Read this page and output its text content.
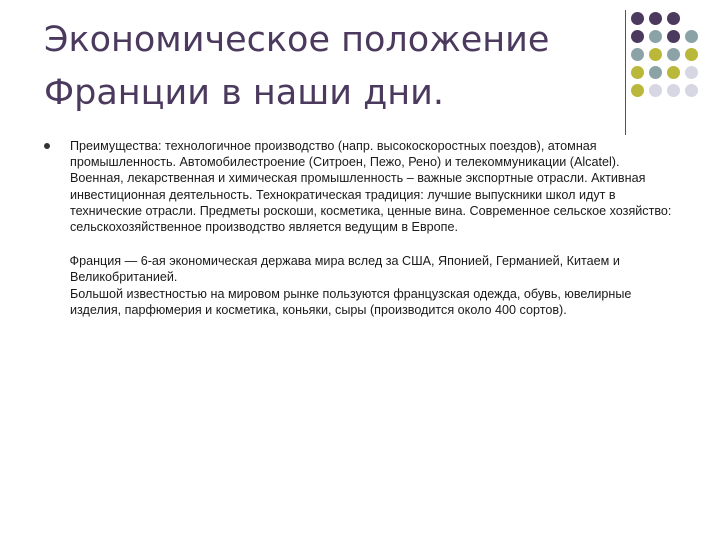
Экономическое положение
Франции в наши дни.

Преимущества: технологичное производство (напр. высокоскоростных поездов), атомная промышленность. Автомобилестроение (Ситроен, Пежо, Рено) и телекоммуникации (Alcatel). Военная, лекарственная и химическая промышленность – важные экспортные отрасли. Активная инвестиционная деятельность. Технократическая традиция: лучшие выпускники школ идут в технические отрасли. Предметы роскоши, косметика, ценные вина. Современное сельское хозяйство: сельскохозяйственное производство является ведущим в Европе.

Франция — 6-ая экономическая держава мира вслед за США, Японией, Германией, Китаем и Великобританией.
Большой известностью на мировом рынке пользуются французская одежда, обувь, ювелирные изделия, парфюмерия и косметика, коньяки, сыры (производится около 400 сортов).
